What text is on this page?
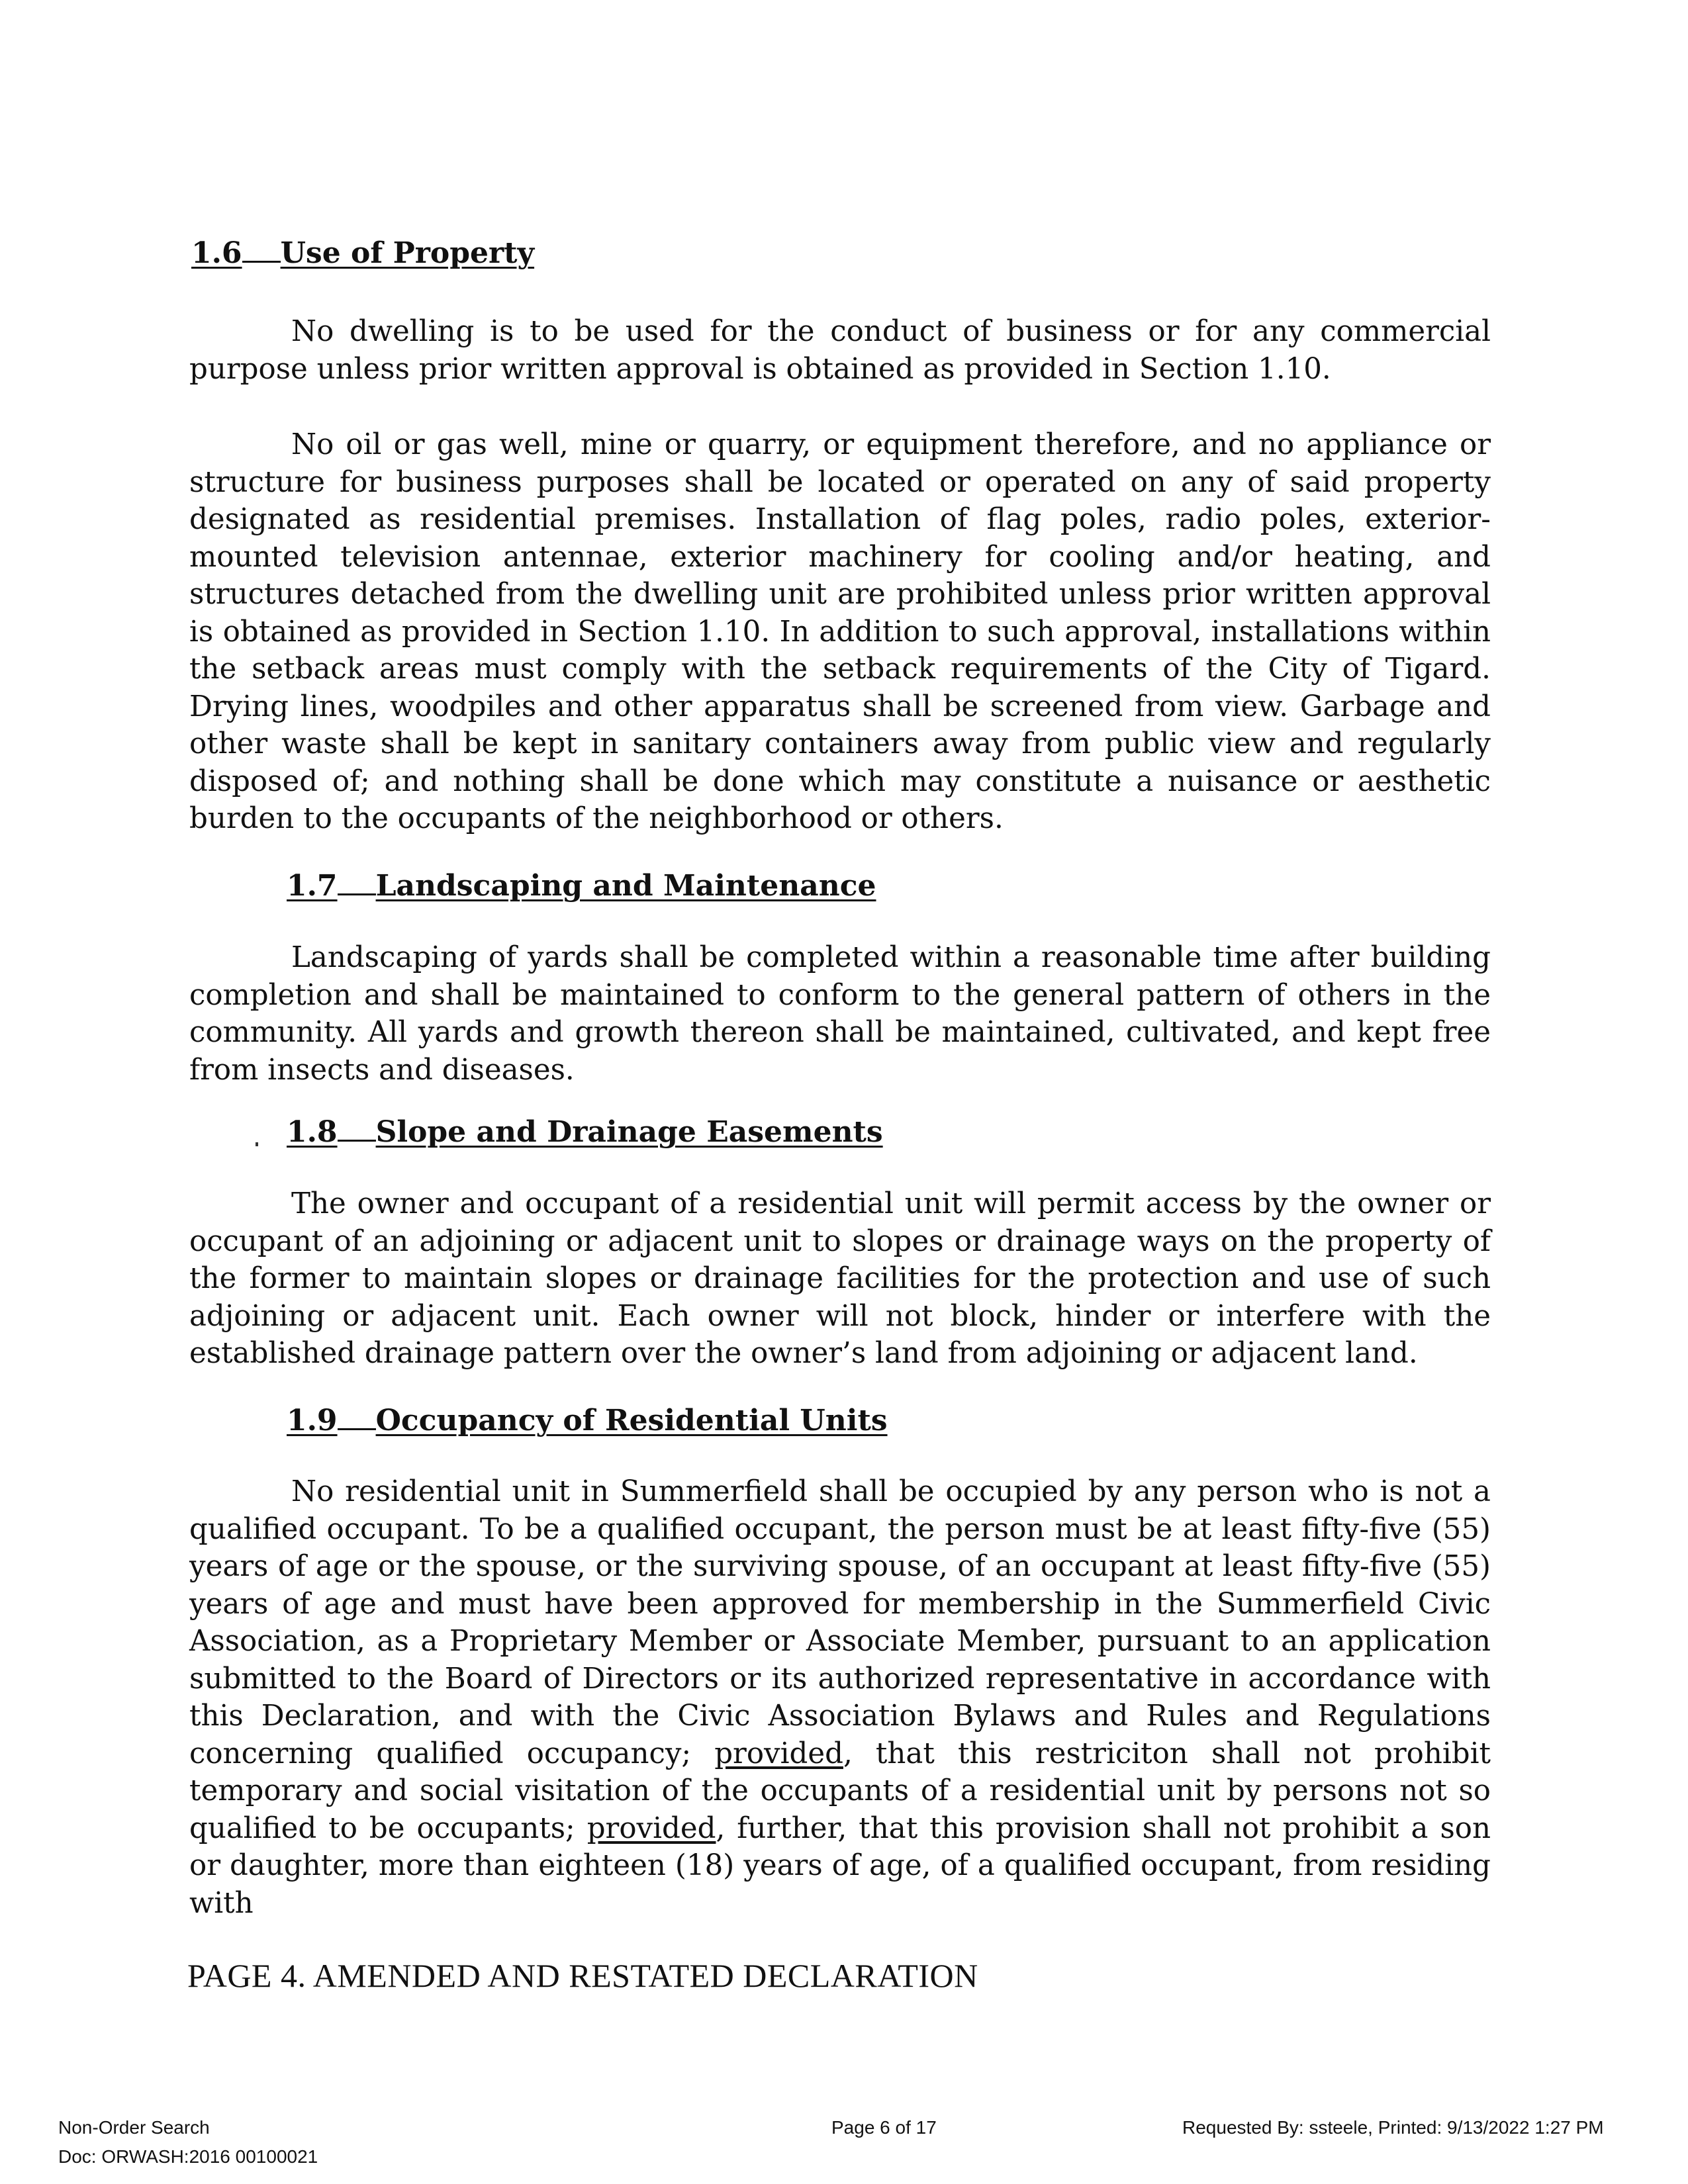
1.6 Use of Property

No dwelling is to be used for the conduct of business or for any commercial purpose unless prior written approval is obtained as provided in Section 1.10.

No oil or gas well, mine or quarry, or equipment therefore, and no appliance or structure for business purposes shall be located or operated on any of said property designated as residential premises. Installation of flag poles, radio poles, exterior-mounted television antennae, exterior machinery for cooling and/or heating, and structures detached from the dwelling unit are prohibited unless prior written approval is obtained as provided in Section 1.10. In addition to such approval, installations within the setback areas must comply with the setback requirements of the City of Tigard. Drying lines, woodpiles and other apparatus shall be screened from view. Garbage and other waste shall be kept in sanitary containers away from public view and regularly disposed of; and nothing shall be done which may constitute a nuisance or aesthetic burden to the occupants of the neighborhood or others.

1.7 Landscaping and Maintenance

Landscaping of yards shall be completed within a reasonable time after building completion and shall be maintained to conform to the general pattern of others in the community. All yards and growth thereon shall be maintained, cultivated, and kept free from insects and diseases.

1.8 Slope and Drainage Easements

The owner and occupant of a residential unit will permit access by the owner or occupant of an adjoining or adjacent unit to slopes or drainage ways on the property of the former to maintain slopes or drainage facilities for the protection and use of such adjoining or adjacent unit. Each owner will not block, hinder or interfere with the established drainage pattern over the owner’s land from adjoining or adjacent land.

1.9 Occupancy of Residential Units

No residential unit in Summerfield shall be occupied by any person who is not a qualified occupant. To be a qualified occupant, the person must be at least fifty-five (55) years of age or the spouse, or the surviving spouse, of an occupant at least fifty-five (55) years of age and must have been approved for membership in the Summerfield Civic Association, as a Proprietary Member or Associate Member, pursuant to an application submitted to the Board of Directors or its authorized representative in accordance with this Declaration, and with the Civic Association Bylaws and Rules and Regulations concerning qualified occupancy; provided, that this restriciton shall not prohibit temporary and social visitation of the occupants of a residential unit by persons not so qualified to be occupants; provided, further, that this provision shall not prohibit a son or daughter, more than eighteen (18) years of age, of a qualified occupant, from residing with

PAGE 4. AMENDED AND RESTATED DECLARATION
Non-Order Search
Doc: ORWASH:2016 00100021
Page 6 of 17	Requested By: ssteele, Printed: 9/13/2022 1:27 PM
